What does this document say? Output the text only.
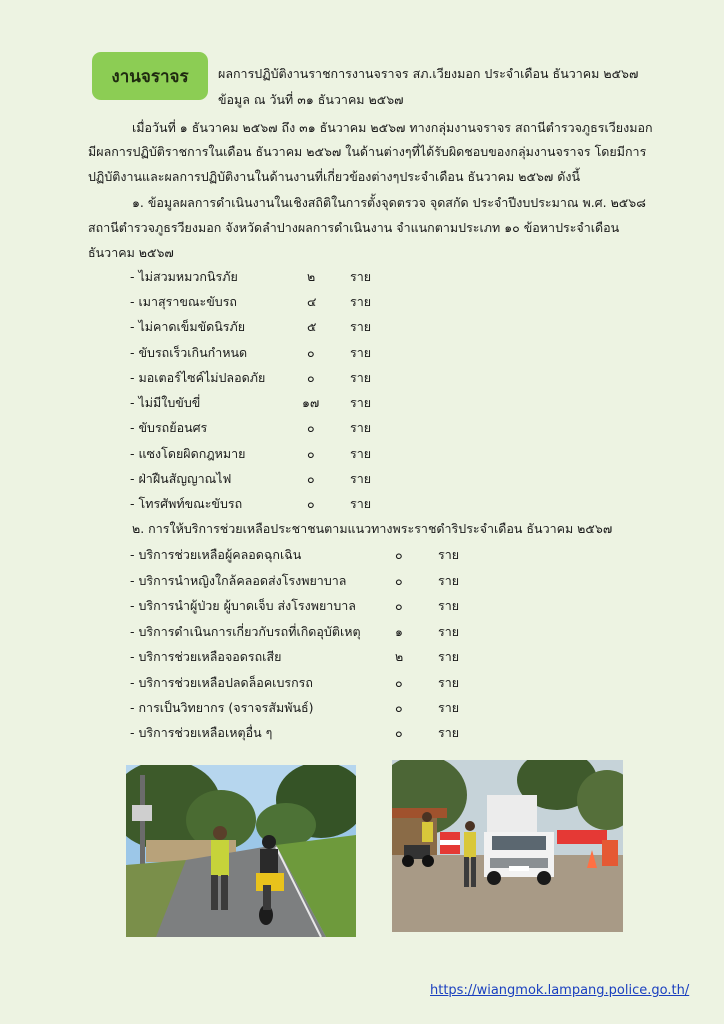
งานจราจร	ผลการปฏิบัติงานราชการงานจราจร สภ.เวียงมอก ประจำเดือน ธันวาคม ๒๕๖๗
ข้อมูล ณ วันที่ ๓๑ ธันวาคม ๒๕๖๗
เมื่อวันที่ ๑ ธันวาคม ๒๕๖๗ ถึง ๓๑ ธันวาคม ๒๕๖๗ ทางกลุ่มงานจราจร สถานีตำรวจภูธรเวียงมอก
มีผลการปฏิบัติราชการในเดือน ธันวาคม ๒๕๖๗ ในด้านต่างๆที่ได้รับผิดชอบของกลุ่มงานจราจร โดยมีการ
ปฏิบัติงานและผลการปฏิบัติงานในด้านงานที่เกี่ยวข้องต่างๆประจำเดือน ธันวาคม ๒๕๖๗ ดังนี้
๑. ข้อมูลผลการดำเนินงานในเชิงสถิติในการตั้งจุดตรวจ จุดสกัด ประจำปีงบประมาณ พ.ศ. ๒๕๖๘
สถานีตำรวจภูธรวียงมอก จังหวัดลำปางผลการดำเนินงาน จำแนกตามประเภท ๑๐ ข้อหาประจำเดือน
ธันวาคม ๒๕๖๗
- ไม่สวมหมวกนิรภัย	๒	ราย
- เมาสุราขณะขับรถ	๔	ราย
- ไม่คาดเข็มขัดนิรภัย	๕	ราย
- ขับรถเร็วเกินกำหนด	๐	ราย
- มอเตอร์ไซค์ไม่ปลอดภัย	๐	ราย
- ไม่มีใบขับขี่	๑๗ ราย
- ขับรถย้อนศร	๐	ราย
- แซงโดยผิดกฎหมาย	๐	ราย
- ฝ่าฝืนสัญญาณไฟ	๐	ราย
- โทรศัพท์ขณะขับรถ	๐	ราย
๒. การให้บริการช่วยเหลือประชาชนตามแนวทางพระราชดำริประจำเดือน ธันวาคม ๒๕๖๗
- บริการช่วยเหลือผู้คลอดฉุกเฉิน	๐	ราย
- บริการนำหญิงใกล้คลอดส่งโรงพยาบาล	๐	ราย
- บริการนำผู้ป่วย ผู้บาดเจ็บ ส่งโรงพยาบาล	๐	ราย
- บริการดำเนินการเกี่ยวกับรถที่เกิดอุบัติเหตุ	๑	ราย
- บริการช่วยเหลือจอดรถเสีย	๒	ราย
- บริการช่วยเหลือปลดล็อคเบรกรถ	๐	ราย
- การเป็นวิทยากร (จราจรสัมพันธ์)	๐	ราย
- บริการช่วยเหลือเหตุอื่น ๆ	๐	ราย
https://wiangmok.lampang.police.go.th/
